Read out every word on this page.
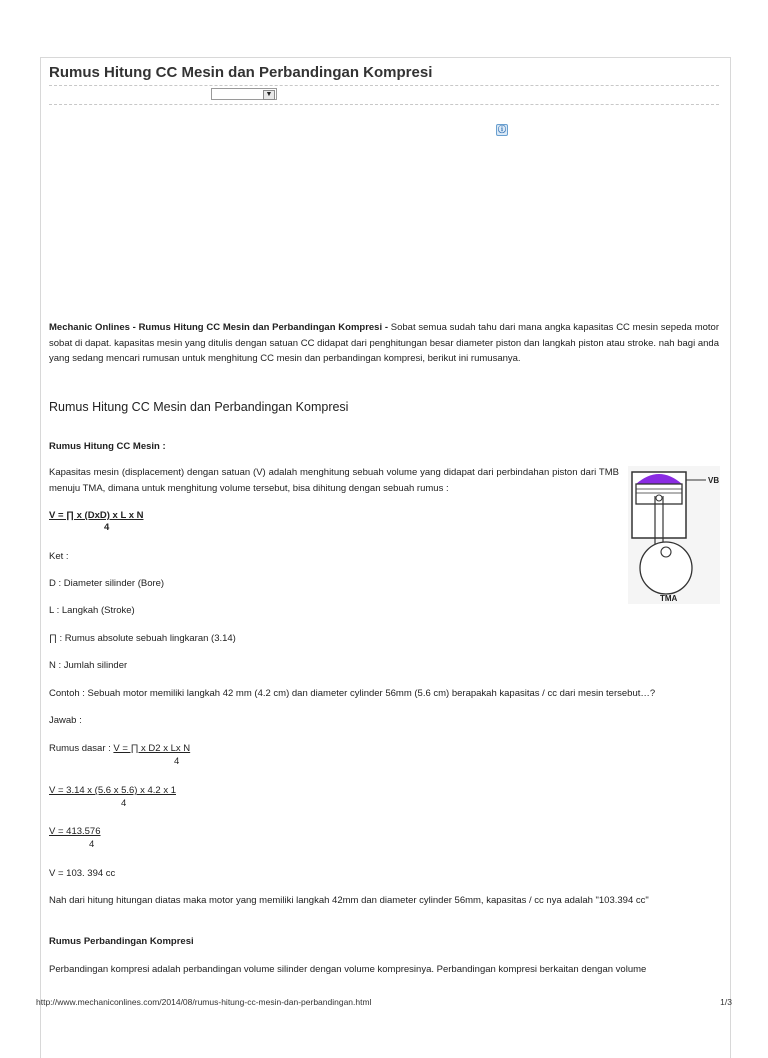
Rumus Hitung CC Mesin dan Perbandingan Kompresi
▼
ⓘ
Mechanic Onlines - Rumus Hitung CC Mesin dan Perbandingan Kompresi - Sobat semua sudah tahu dari mana angka kapasitas CC mesin sepeda motor sobat di dapat. kapasitas mesin yang ditulis dengan satuan CC didapat dari penghitungan besar diameter piston dan langkah piston atau stroke. nah bagi anda yang sedang mencari rumusan untuk menghitung CC mesin dan perbandingan kompresi, berikut ini rumusanya.
Rumus Hitung CC Mesin dan Perbandingan Kompresi
Rumus Hitung CC Mesin :
Kapasitas mesin (displacement) dengan satuan (V) adalah menghitung sebuah volume yang didapat dari perbindahan piston dari TMB menuju TMA, dimana untuk menghitung volume tersebut, bisa dihitung dengan sebuah rumus :
V = ∏ x (DxD) x L x N
4
Ket :
D : Diameter silinder (Bore)
L : Langkah (Stroke)
∏ : Rumus absolute sebuah lingkaran (3.14)
N : Jumlah silinder
Contoh : Sebuah motor memiliki langkah 42 mm (4.2 cm) dan diameter cylinder 56mm (5.6 cm) berapakah kapasitas / cc dari mesin tersebut…?
Jawab :
Rumus dasar : V = ∏ x D2 x Lx N
4
V = 3.14 x (5.6 x 5.6) x 4.2 x 1
4
V = 413.576
4
V = 103. 394 cc
Nah dari hitung hitungan diatas maka motor yang memiliki langkah 42mm dan diameter cylinder 56mm, kapasitas / cc nya adalah "103.394 cc"
Rumus Perbandingan Kompresi
Perbandingan kompresi adalah perbandingan volume silinder dengan volume kompresinya. Perbandingan kompresi berkaitan dengan volume
VB
TMA
http://www.mechaniconlines.com/2014/08/rumus-hitung-cc-mesin-dan-perbandingan.html	1/3
